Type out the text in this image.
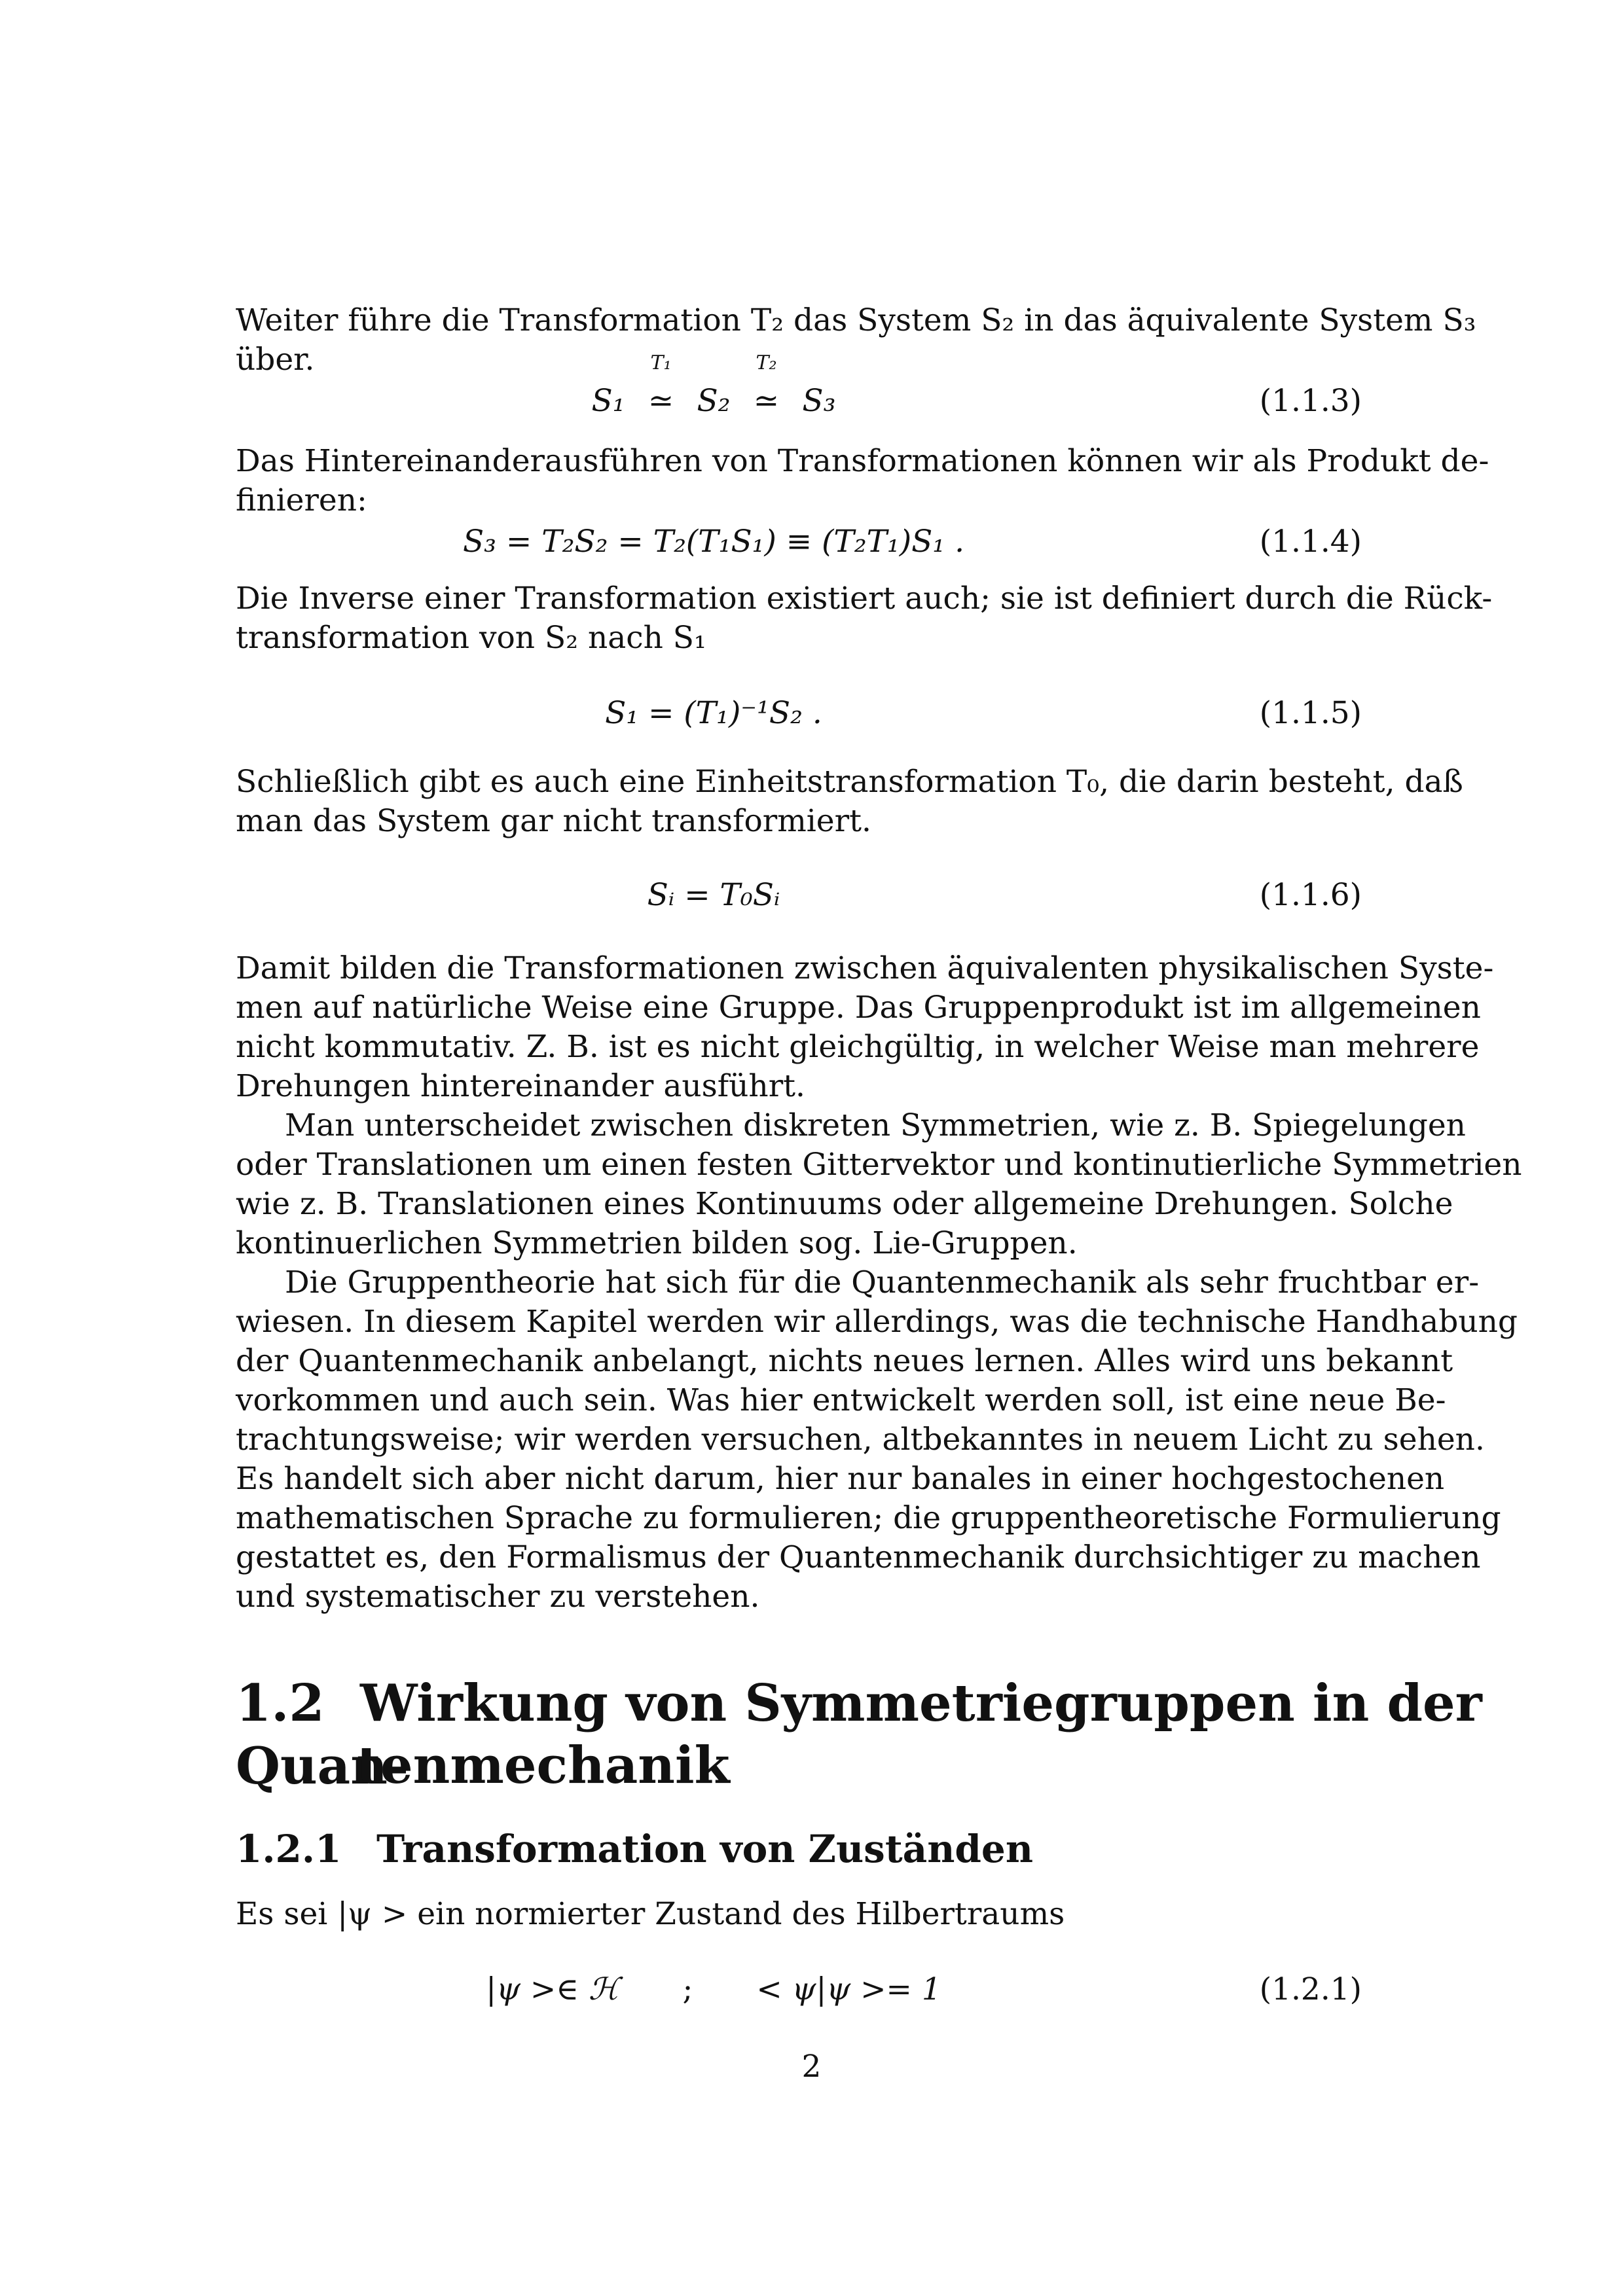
Weiter führe die Transformation T₂ das System S₂ in das äquivalente System S₃
über.
S₁
T₁
≃ S₂
T₂
≃ S₃	(1.1.3)
Das Hintereinanderausführen von Transformationen können wir als Produkt de-
finieren:
S₃ = T₂S₂ = T₂(T₁S₁) ≡ (T₂T₁)S₁ .	(1.1.4)
Die Inverse einer Transformation existiert auch; sie ist definiert durch die Rück-
transformation von S₂ nach S₁
S₁ = (T₁)⁻¹S₂ .	(1.1.5)
Schließlich gibt es auch eine Einheitstransformation T₀, die darin besteht, daß
man das System gar nicht transformiert.
Sᵢ = T₀Sᵢ	(1.1.6)
Damit bilden die Transformationen zwischen äquivalenten physikalischen Syste-
men auf natürliche Weise eine Gruppe. Das Gruppenprodukt ist im allgemeinen
nicht kommutativ. Z. B. ist es nicht gleichgültig, in welcher Weise man mehrere
Drehungen hintereinander ausführt.
Man unterscheidet zwischen diskreten Symmetrien, wie z. B. Spiegelungen
oder Translationen um einen festen Gittervektor und kontinutierliche Symmetrien
wie z. B. Translationen eines Kontinuums oder allgemeine Drehungen. Solche
kontinuerlichen Symmetrien bilden sog. Lie-Gruppen.
Die Gruppentheorie hat sich für die Quantenmechanik als sehr fruchtbar er-
wiesen. In diesem Kapitel werden wir allerdings, was die technische Handhabung
der Quantenmechanik anbelangt, nichts neues lernen. Alles wird uns bekannt
vorkommen und auch sein. Was hier entwickelt werden soll, ist eine neue Be-
trachtungsweise; wir werden versuchen, altbekanntes in neuem Licht zu sehen.
Es handelt sich aber nicht darum, hier nur banales in einer hochgestochenen
mathematischen Sprache zu formulieren; die gruppentheoretische Formulierung
gestattet es, den Formalismus der Quantenmechanik durchsichtiger zu machen
und systematischer zu verstehen.
1.2 Wirkung von Symmetriegruppen in der Quan-
tenmechanik
1.2.1 Transformation von Zuständen
Es sei |ψ > ein normierter Zustand des Hilbertraums
|ψ >∈ ℋ ; < ψ|ψ >= 1	(1.2.1)
2
